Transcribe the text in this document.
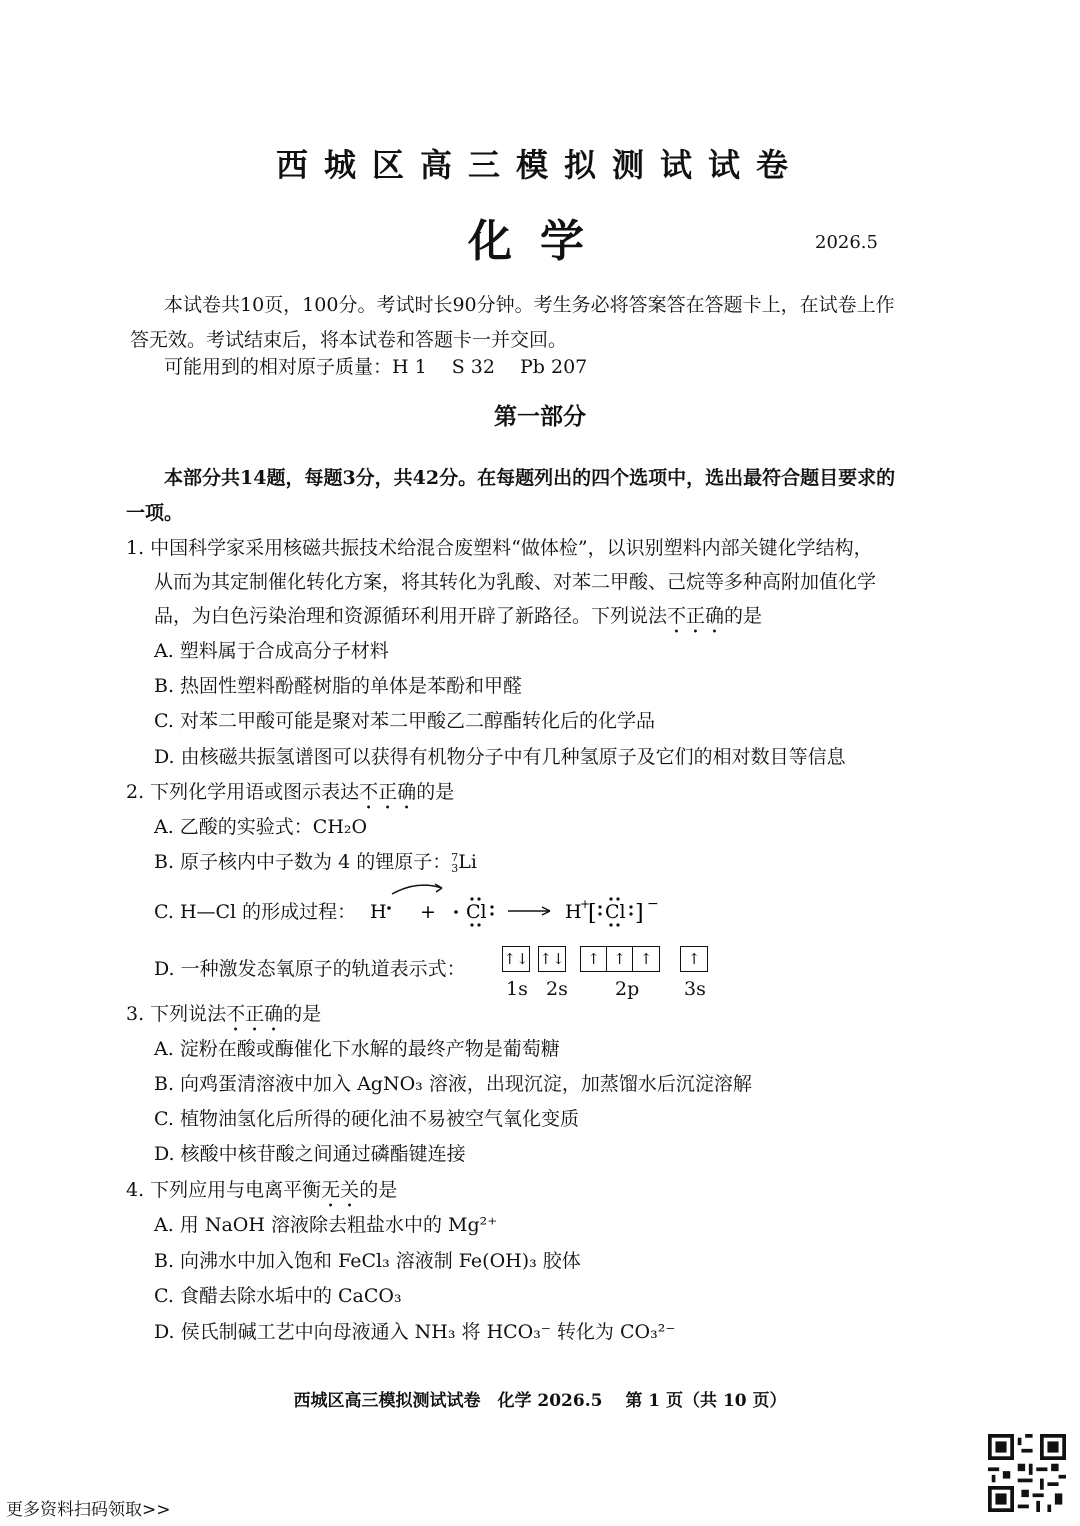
西城区高三模拟测试试卷
化学	2026.5
本试卷共10页，100分。考试时长90分钟。考生务必将答案答在答题卡上，在试卷上作
答无效。考试结束后，将本试卷和答题卡一并交回。
可能用到的相对原子质量：H 1　 S 32　 Pb 207
第一部分
本部分共14题，每题3分，共42分。在每题列出的四个选项中，选出最符合题目要求的
一项。
1. 中国科学家采用核磁共振技术给混合废塑料“做体检”，以识别塑料内部关键化学结构，
从而为其定制催化转化方案，将其转化为乳酸、对苯二甲酸、己烷等多种高附加值化学
品，为白色污染治理和资源循环利用开辟了新路径。下列说法不正确的是
A. 塑料属于合成高分子材料
B. 热固性塑料酚醛树脂的单体是苯酚和甲醛
C. 对苯二甲酸可能是聚对苯二甲酸乙二醇酯转化后的化学品
D. 由核磁共振氢谱图可以获得有机物分子中有几种氢原子及它们的相对数目等信息
2. 下列化学用语或图示表达不正确的是
A. 乙酸的实验式：CH₂O
B. 原子核内中子数为 4 的锂原子：7
3Li
C. H—Cl 的形成过程： H + Cl	H
+
[ Cl ] −
D. 一种激发态氧原子的轨道表示式：	↑↓ ↑↓ ↑ ↑ ↑ ↑
1s 2s 2p 3s
3. 下列说法不正确的是
A. 淀粉在酸或酶催化下水解的最终产物是葡萄糖
B. 向鸡蛋清溶液中加入 AgNO₃ 溶液，出现沉淀，加蒸馏水后沉淀溶解
C. 植物油氢化后所得的硬化油不易被空气氧化变质
D. 核酸中核苷酸之间通过磷酯键连接
4. 下列应用与电离平衡无关的是
A. 用 NaOH 溶液除去粗盐水中的 Mg²⁺
B. 向沸水中加入饱和 FeCl₃ 溶液制 Fe(OH)₃ 胶体
C. 食醋去除水垢中的 CaCO₃
D. 侯氏制碱工艺中向母液通入 NH₃ 将 HCO₃⁻ 转化为 CO₃²⁻
西城区高三模拟测试试卷　化学 2026.5　 第 1 页（共 10 页）
更多资料扫码领取>>
